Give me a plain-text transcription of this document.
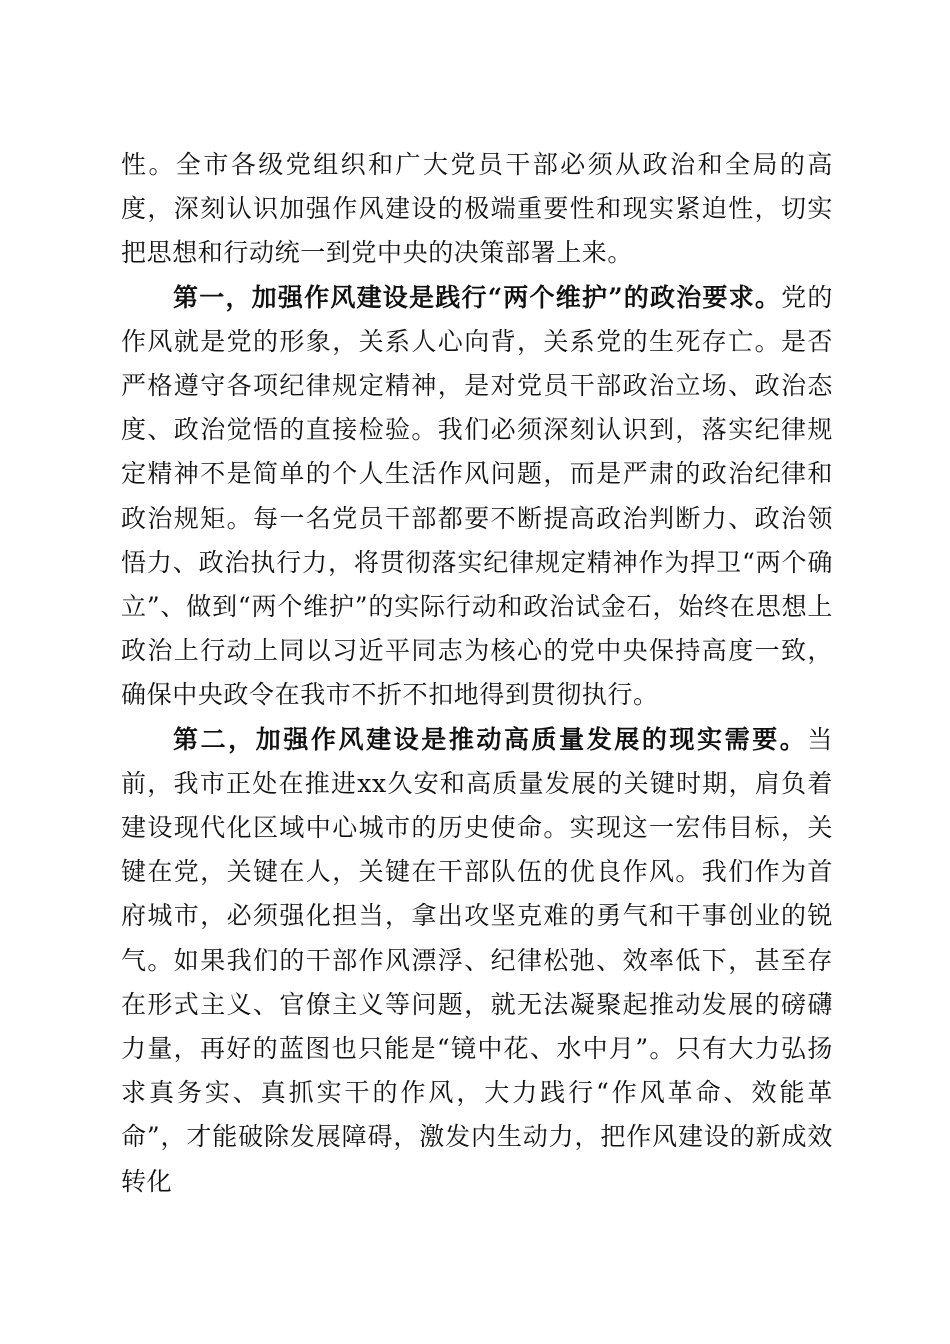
性。全市各级党组织和广大党员干部必须从政治和全局的高度，深刻认识加强作风建设的极端重要性和现实紧迫性，切实把思想和行动统一到党中央的决策部署上来。

第一，加强作风建设是践行“两个维护”的政治要求。党的作风就是党的形象，关系人心向背，关系党的生死存亡。是否严格遵守各项纪律规定精神，是对党员干部政治立场、政治态度、政治觉悟的直接检验。我们必须深刻认识到，落实纪律规定精神不是简单的个人生活作风问题，而是严肃的政治纪律和政治规矩。每一名党员干部都要不断提高政治判断力、政治领悟力、政治执行力，将贯彻落实纪律规定精神作为捍卫“两个确立”、做到“两个维护”的实际行动和政治试金石，始终在思想上政治上行动上同以习近平同志为核心的党中央保持高度一致，确保中央政令在我市不折不扣地得到贯彻执行。

第二，加强作风建设是推动高质量发展的现实需要。当前，我市正处在推进xx久安和高质量发展的关键时期，肩负着建设现代化区域中心城市的历史使命。实现这一宏伟目标，关键在党，关键在人，关键在干部队伍的优良作风。我们作为首府城市，必须强化担当，拿出攻坚克难的勇气和干事创业的锐气。如果我们的干部作风漂浮、纪律松弛、效率低下，甚至存在形式主义、官僚主义等问题，就无法凝聚起推动发展的磅礴力量，再好的蓝图也只能是“镜中花、水中月”。只有大力弘扬求真务实、真抓实干的作风，大力践行“作风革命、效能革命”，才能破除发展障碍，激发内生动力，把作风建设的新成效转化
